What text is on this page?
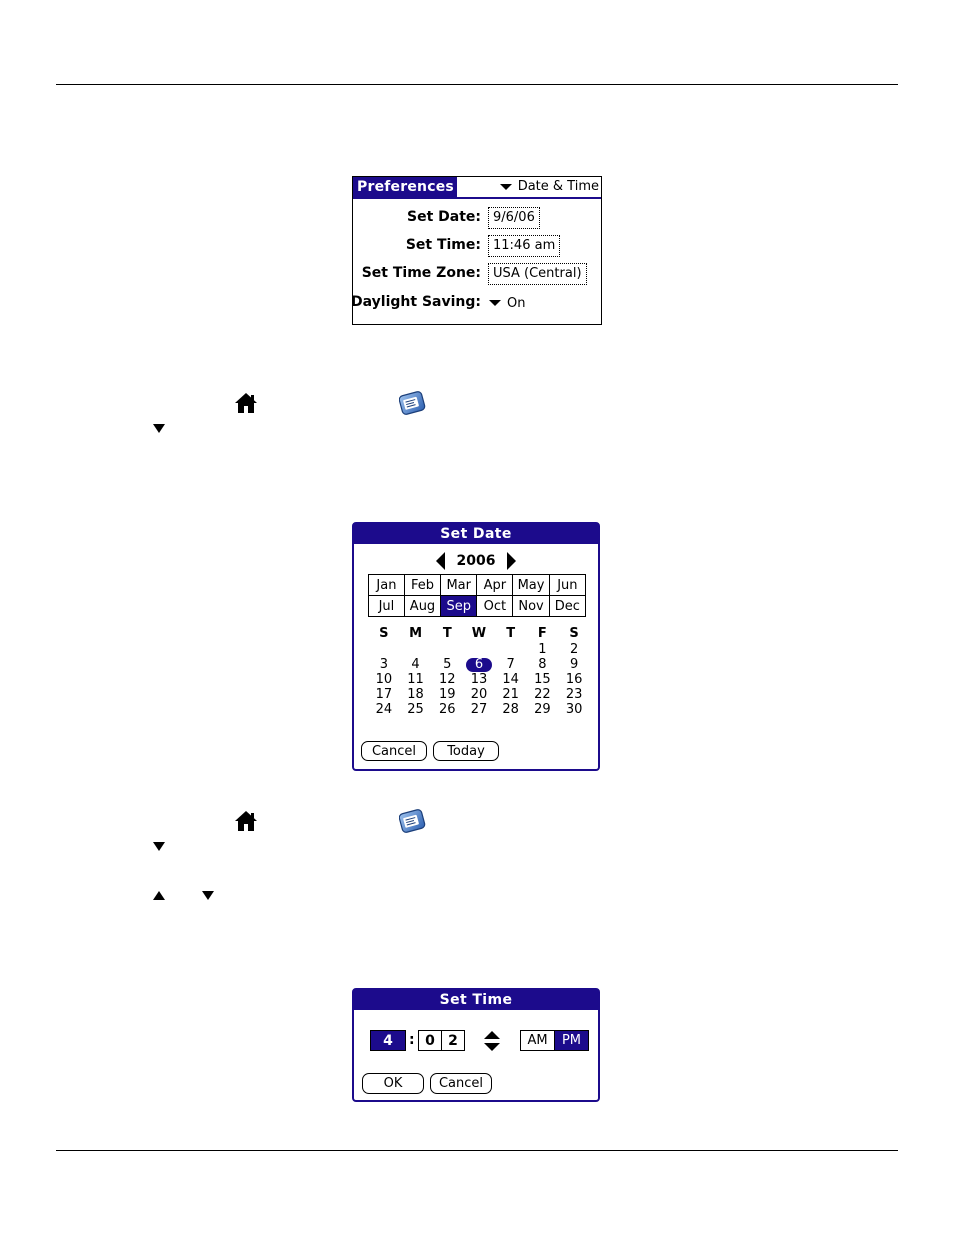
Preferences	Date & Time
Set Date: 9/6/06
Set Time: 11:46 am
Set Time Zone: USA (Central)
Daylight Saving: On
Set Date
2006
Jan	Feb	Mar	Apr	May	Jun
Jul	Aug	Sep	Oct	Nov	Dec
S	M	T	W	T	F	S
					1	2
3	4	5	6	7	8	9
10	11	12	13	14	15	16
17	18	19	20	21	22	23
24	25	26	27	28	29	30
Cancel	Today
Set Time
4	: 0 2	AM	PM
OK	Cancel
